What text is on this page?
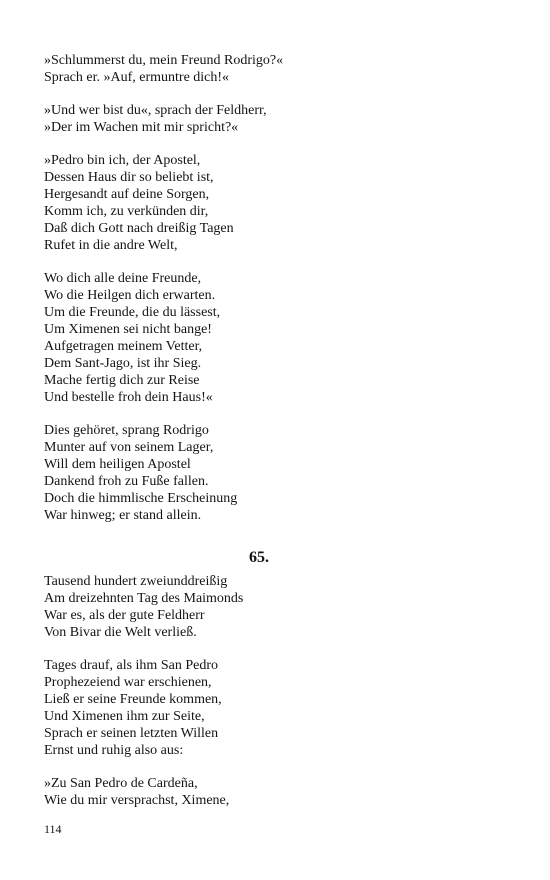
»Schlummerst du, mein Freund Rodrigo?«
Sprach er. »Auf, ermuntre dich!«
»Und wer bist du«, sprach der Feldherr,
»Der im Wachen mit mir spricht?«
»Pedro bin ich, der Apostel,
Dessen Haus dir so beliebt ist,
Hergesandt auf deine Sorgen,
Komm ich, zu verkünden dir,
Daß dich Gott nach dreißig Tagen
Rufet in die andre Welt,
Wo dich alle deine Freunde,
Wo die Heilgen dich erwarten.
Um die Freunde, die du lässest,
Um Ximenen sei nicht bange!
Aufgetragen meinem Vetter,
Dem Sant-Jago, ist ihr Sieg.
Mache fertig dich zur Reise
Und bestelle froh dein Haus!«
Dies gehöret, sprang Rodrigo
Munter auf von seinem Lager,
Will dem heiligen Apostel
Dankend froh zu Fuße fallen.
Doch die himmlische Erscheinung
War hinweg; er stand allein.
65.
Tausend hundert zweiunddreißig
Am dreizehnten Tag des Maimonds
War es, als der gute Feldherr
Von Bivar die Welt verließ.
Tages drauf, als ihm San Pedro
Prophezeiend war erschienen,
Ließ er seine Freunde kommen,
Und Ximenen ihm zur Seite,
Sprach er seinen letzten Willen
Ernst und ruhig also aus:
»Zu San Pedro de Cardeña,
Wie du mir versprachst, Ximene,
114
